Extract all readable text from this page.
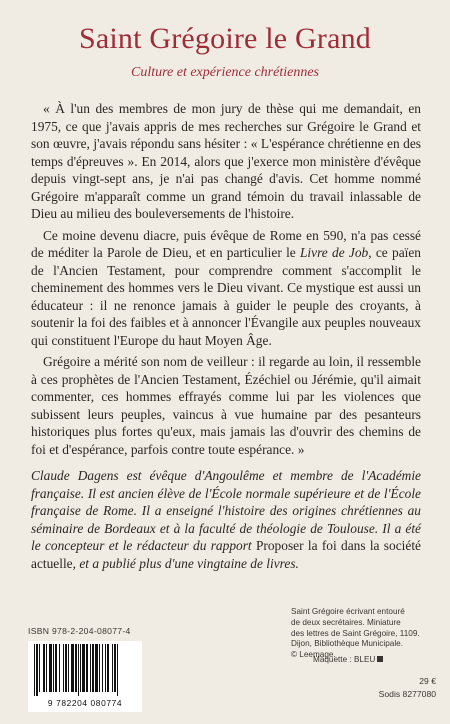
Saint Grégoire le Grand
Culture et expérience chrétiennes

« À l'un des membres de mon jury de thèse qui me demandait, en 1975, ce que j'avais appris de mes recherches sur Grégoire le Grand et son œuvre, j'avais répondu sans hésiter : « L'espérance chrétienne en des temps d'épreuves ». En 2014, alors que j'exerce mon ministère d'évêque depuis vingt-sept ans, je n'ai pas changé d'avis. Cet homme nommé Grégoire m'apparaît comme un grand témoin du travail inlassable de Dieu au milieu des bouleversements de l'histoire.

Ce moine devenu diacre, puis évêque de Rome en 590, n'a pas cessé de méditer la Parole de Dieu, et en particulier le Livre de Job, ce païen de l'Ancien Testament, pour comprendre comment s'accomplit le cheminement des hommes vers le Dieu vivant. Ce mystique est aussi un éducateur : il ne renonce jamais à guider le peuple des croyants, à soutenir la foi des faibles et à annoncer l'Évangile aux peuples nouveaux qui constituent l'Europe du haut Moyen Âge.

Grégoire a mérité son nom de veilleur : il regarde au loin, il ressemble à ces prophètes de l'Ancien Testament, Ézéchiel ou Jérémie, qu'il aimait commenter, ces hommes effrayés comme lui par les violences que subissent leurs peuples, vaincus à vue humaine par des pesanteurs historiques plus fortes qu'eux, mais jamais las d'ouvrir des chemins de foi et d'espérance, parfois contre toute espérance. »

Claude Dagens est évêque d'Angoulême et membre de l'Académie française. Il est ancien élève de l'École normale supérieure et de l'École française de Rome. Il a enseigné l'histoire des origines chrétiennes au séminaire de Bordeaux et à la faculté de théologie de Toulouse. Il a été le concepteur et le rédacteur du rapport Proposer la foi dans la société actuelle, et a publié plus d'une vingtaine de livres.
Saint Grégoire écrivant entouré
de deux secrétaires. Miniature
des lettres de Saint Grégoire, 1109.
Dijon, Bibliothèque Municipale.
© Leemage.
ISBN 978-2-204-08077-4
9 782204 080774
Maquette : BLEU
29 €
Sodis 8277080
